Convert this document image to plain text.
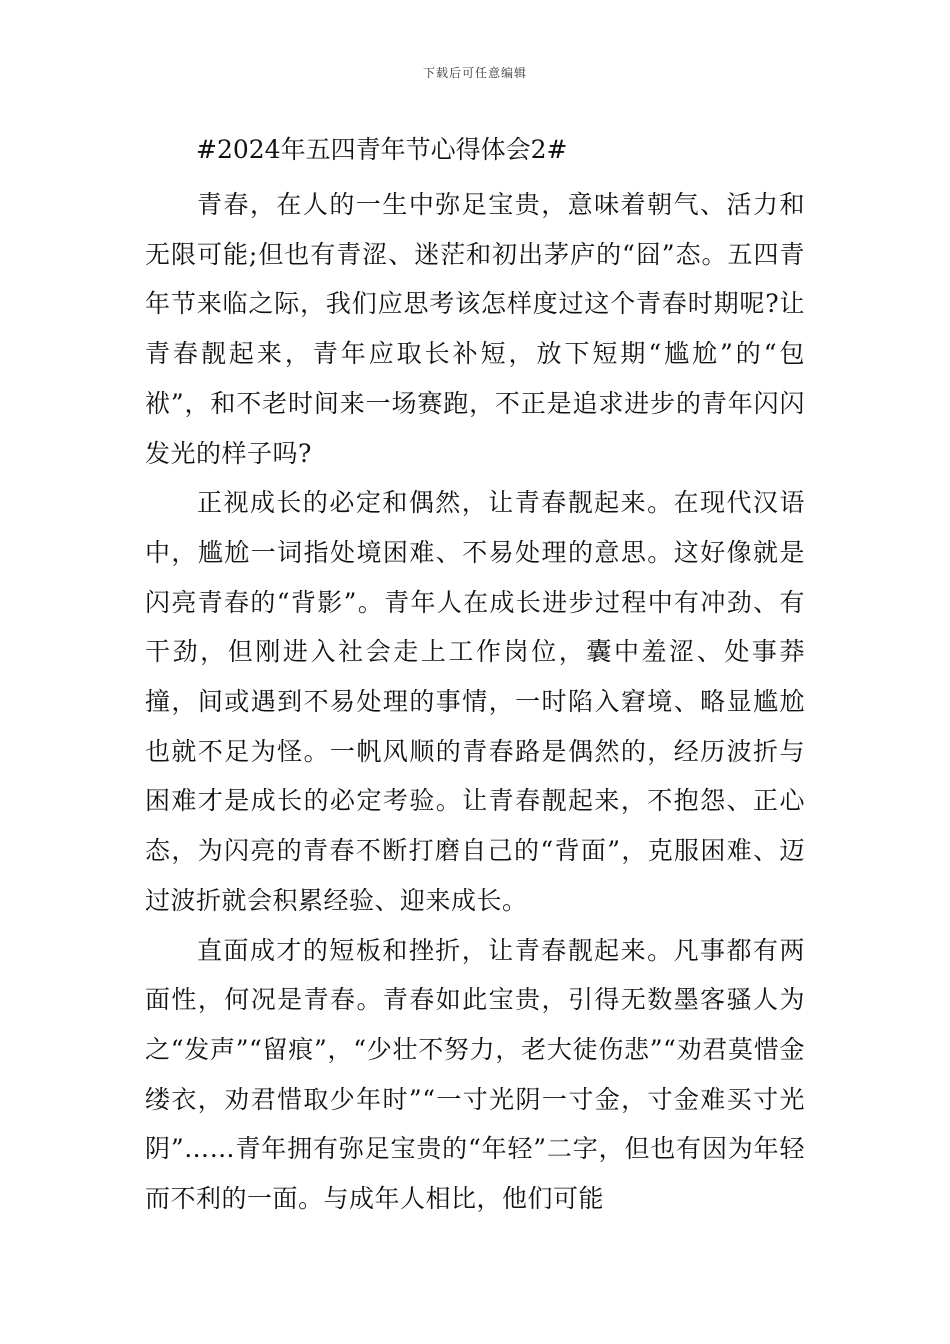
下载后可任意编辑
#2024年五四青年节心得体会2#

青春，在人的一生中弥足宝贵，意味着朝气、活力和无限可能;但也有青涩、迷茫和初出茅庐的“囧”态。五四青年节来临之际，我们应思考该怎样度过这个青春时期呢?让青春靓起来，青年应取长补短，放下短期“尴尬”的“包袱”，和不老时间来一场赛跑，不正是追求进步的青年闪闪发光的样子吗?

正视成长的必定和偶然，让青春靓起来。在现代汉语中，尴尬一词指处境困难、不易处理的意思。这好像就是闪亮青春的“背影”。青年人在成长进步过程中有冲劲、有干劲，但刚进入社会走上工作岗位，囊中羞涩、处事莽撞，间或遇到不易处理的事情，一时陷入窘境、略显尴尬也就不足为怪。一帆风顺的青春路是偶然的，经历波折与困难才是成长的必定考验。让青春靓起来，不抱怨、正心态，为闪亮的青春不断打磨自己的“背面”，克服困难、迈过波折就会积累经验、迎来成长。

直面成才的短板和挫折，让青春靓起来。凡事都有两面性，何况是青春。青春如此宝贵，引得无数墨客骚人为之“发声”“留痕”，“少壮不努力，老大徒伤悲”“劝君莫惜金缕衣，劝君惜取少年时”“一寸光阴一寸金，寸金难买寸光阴”……青年拥有弥足宝贵的“年轻”二字，但也有因为年轻而不利的一面。与成年人相比，他们可能
